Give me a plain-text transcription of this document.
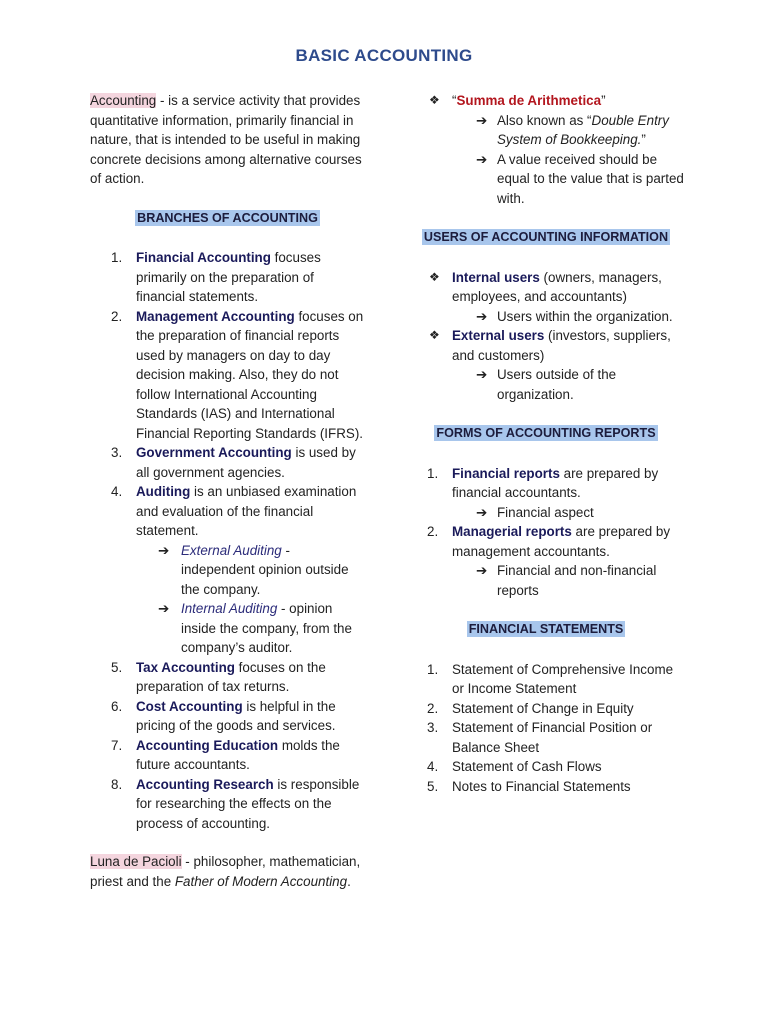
BASIC ACCOUNTING

Accounting - is a service activity that provides quantitative information, primarily financial in nature, that is intended to be useful in making concrete decisions among alternative courses of action.

BRANCHES OF ACCOUNTING
1. Financial Accounting focuses primarily on the preparation of financial statements.
2. Management Accounting focuses on the preparation of financial reports used by managers on day to day decision making. Also, they do not follow International Accounting Standards (IAS) and International Financial Reporting Standards (IFRS).
3. Government Accounting is used by all government agencies.
4. Auditing is an unbiased examination and evaluation of the financial statement.
➔ External Auditing - independent opinion outside the company.
➔ Internal Auditing - opinion inside the company, from the company’s auditor.
5. Tax Accounting focuses on the preparation of tax returns.
6. Cost Accounting is helpful in the pricing of the goods and services.
7. Accounting Education molds the future accountants.
8. Accounting Research is responsible for researching the effects on the process of accounting.

Luna de Pacioli - philosopher, mathematician, priest and the Father of Modern Accounting.

❖ “Summa de Arithmetica”
➔ Also known as “Double Entry System of Bookkeeping.”
➔ A value received should be equal to the value that is parted with.
USERS OF ACCOUNTING INFORMATION
❖ Internal users (owners, managers, employees, and accountants)
➔ Users within the organization.
❖ External users (investors, suppliers, and customers)
➔ Users outside of the organization.
FORMS OF ACCOUNTING REPORTS
1. Financial reports are prepared by financial accountants.
➔ Financial aspect
2. Managerial reports are prepared by management accountants.
➔ Financial and non-financial reports
FINANCIAL STATEMENTS
1. Statement of Comprehensive Income or Income Statement
2. Statement of Change in Equity
3. Statement of Financial Position or Balance Sheet
4. Statement of Cash Flows
5. Notes to Financial Statements
